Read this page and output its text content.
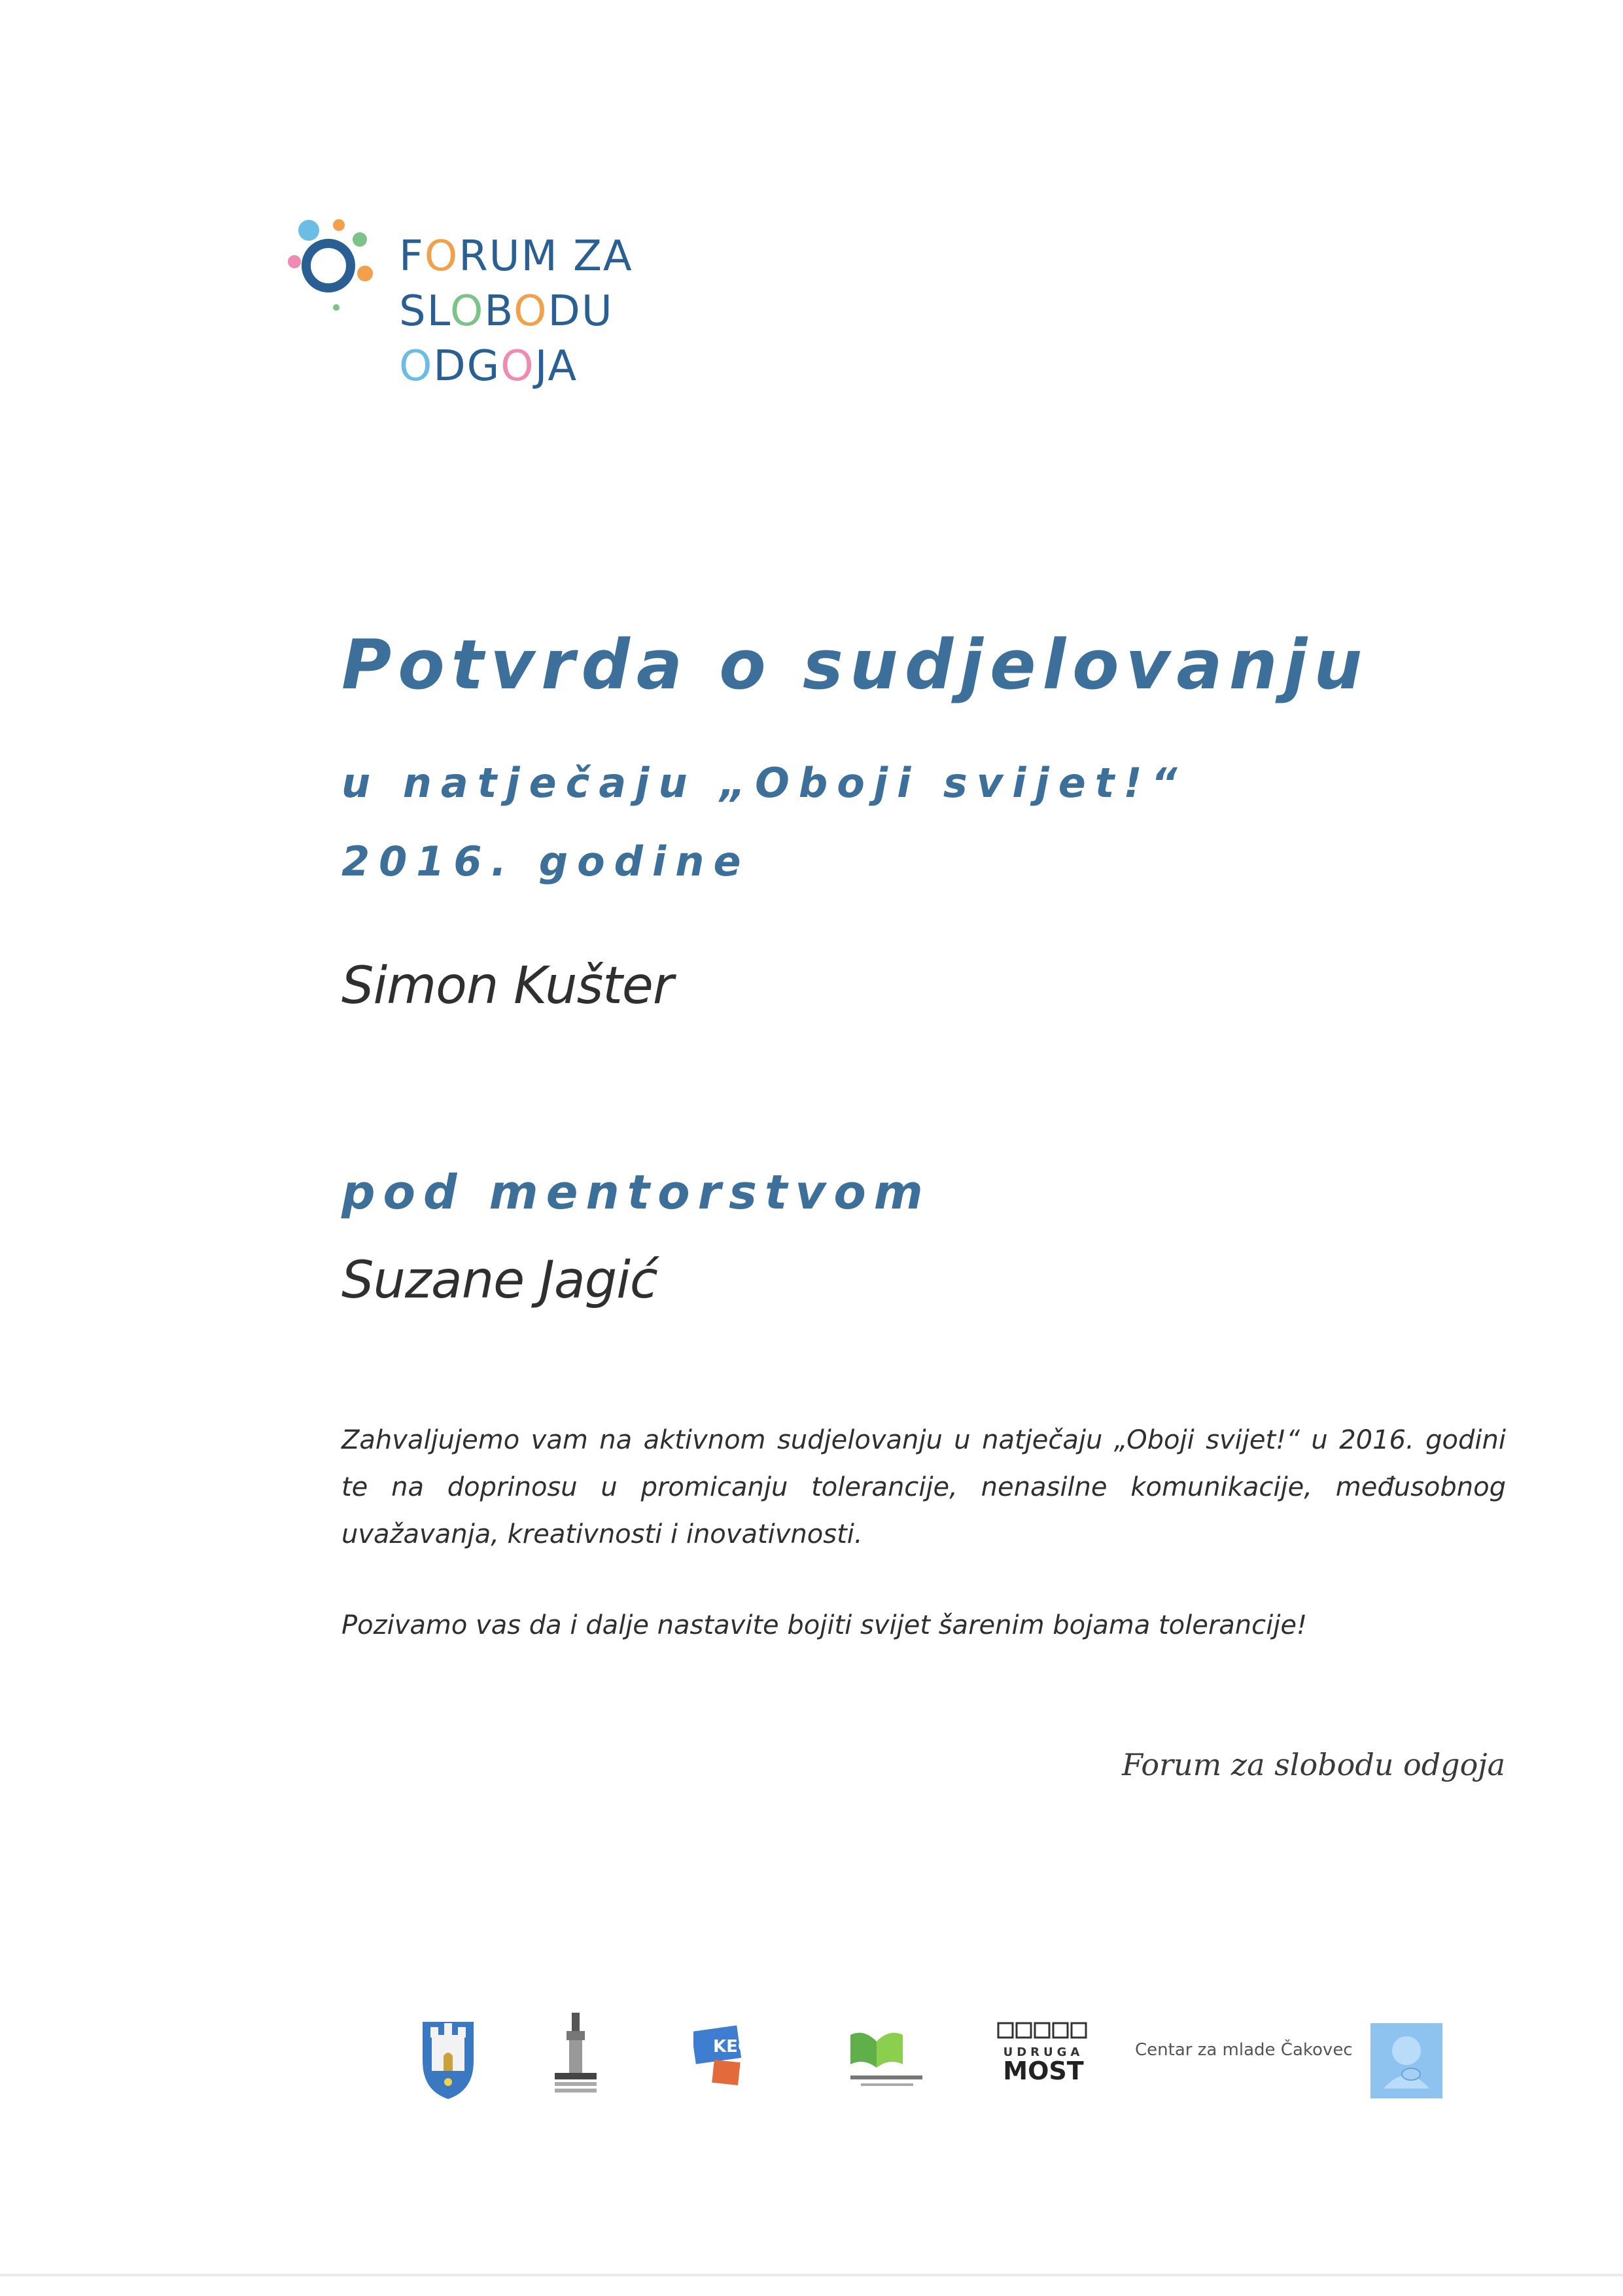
FORUM ZA
SLOBODU
ODGOJA
Potvrda o sudjelovanju
u natječaju „Oboji svijet!“
2016. godine
Simon Kušter
pod mentorstvom
Suzane Jagić
Zahvaljujemo vam na aktivnom sudjelovanju u natječaju „Oboji svijet!“ u 2016. godini te na doprinosu u promicanju tolerancije, nenasilne komunikacije, međusobnog uvažavanja, kreativnosti i inovativnosti.
Pozivamo vas da i dalje nastavite bojiti svijet šarenim bojama tolerancije!
Forum za slobodu odgoja
KEC	UDRUGA
MOST
Centar za mlade Čakovec
